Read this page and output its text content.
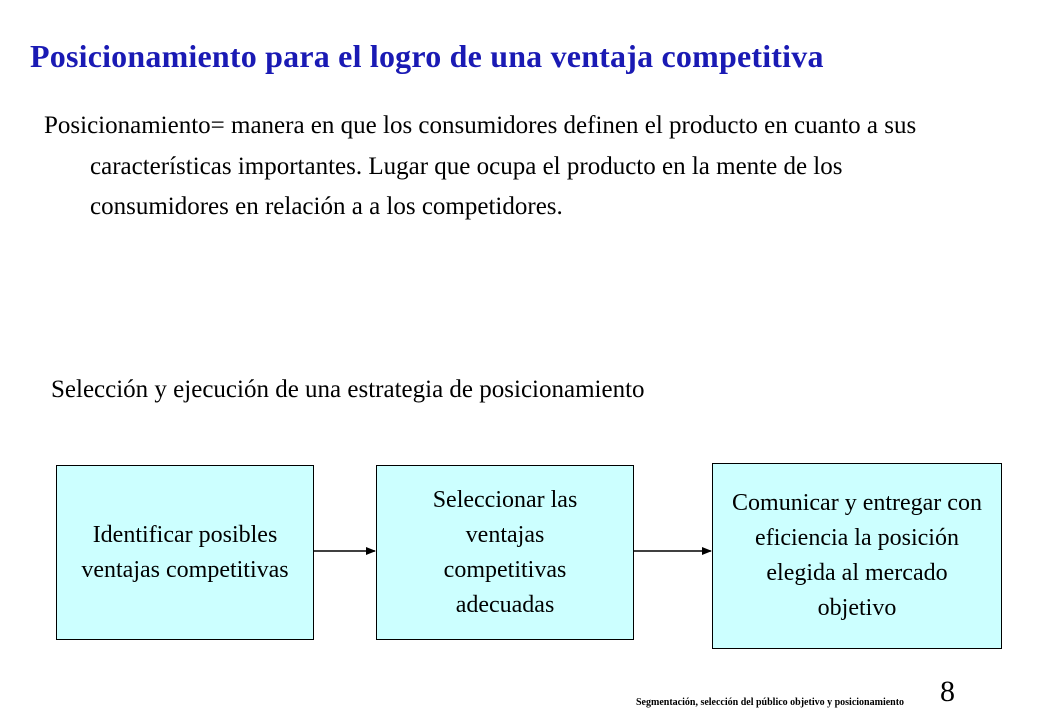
Posicionamiento para el logro de una ventaja competitiva
Posicionamiento= manera en que los consumidores definen el producto en cuanto a sus características importantes. Lugar que ocupa el producto en la mente de los consumidores en relación a a los competidores.
Selección y ejecución de una estrategia de posicionamiento
Identificar posibles ventajas competitivas
Seleccionar las ventajas competitivas adecuadas
Comunicar y entregar con eficiencia la posición elegida al mercado objetivo
Segmentación, selección del público objetivo y posicionamiento 8
